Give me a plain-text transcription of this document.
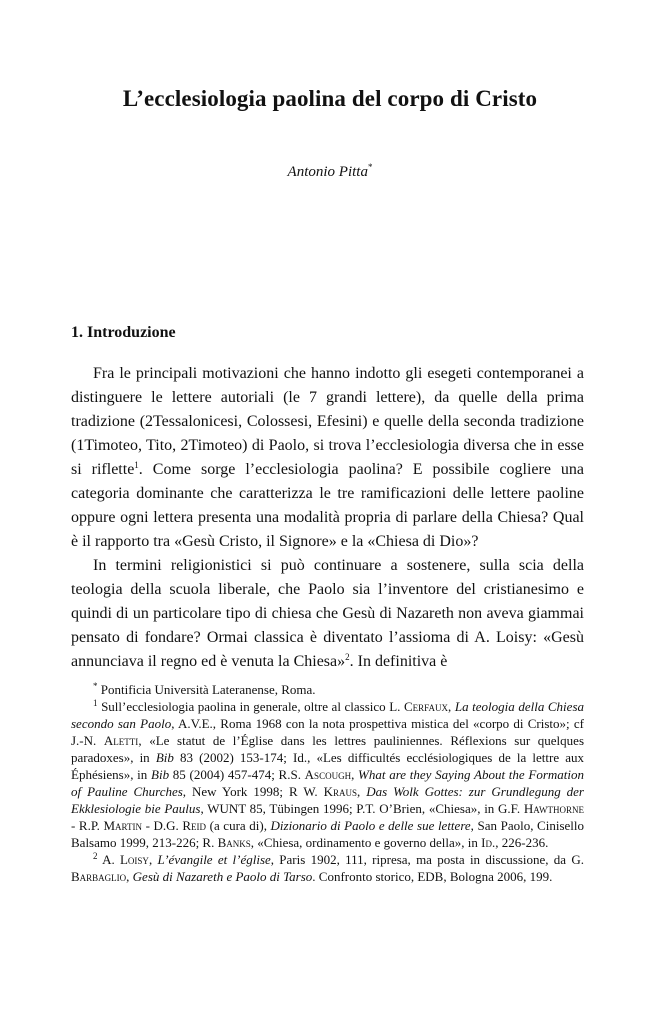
L’ecclesiologia paolina del corpo di Cristo
Antonio Pitta*
1. Introduzione

Fra le principali motivazioni che hanno indotto gli esegeti contemporanei a distinguere le lettere autoriali (le 7 grandi lettere), da quelle della prima tradizione (2Tessalonicesi, Colossesi, Efesini) e quelle della seconda tradizione (1Timoteo, Tito, 2Timoteo) di Paolo, si trova l’ecclesiologia diversa che in esse si riflette$^1$. Come sorge l’ecclesiologia paolina? E possibile cogliere una categoria dominante che caratterizza le tre ramificazioni delle lettere paoline oppure ogni lettera presenta una modalità propria di parlare della Chiesa? Qual è il rapporto tra «Gesù Cristo, il Signore» e la «Chiesa di Dio»?

In termini religionistici si può continuare a sostenere, sulla scia della teologia della scuola liberale, che Paolo sia l’inventore del cristianesimo e quindi di un particolare tipo di chiesa che Gesù di Nazareth non aveva giammai pensato di fondare? Ormai classica è diventato l’assioma di A. Loisy: «Gesù annunciava il regno ed è venuta la Chiesa»$^2$. In definitiva è

* Pontificia Università Lateranense, Roma.

$^1$ Sull’ecclesiologia paolina in generale, oltre al classico L. Cerfaux, La teologia della Chiesa secondo san Paolo, A.V.E., Roma 1968 con la nota prospettiva mistica del «corpo di Cristo»; cf J.-N. Aletti, «Le statut de l’Église dans les lettres pauliniennes. Réflexions sur quelques paradoxes», in Bib 83 (2002) 153-174; Id., «Les difficultés ecclésiologiques de la lettre aux Éphésiens», in Bib 85 (2004) 457-474; R.S. Ascough, What are they Saying About the Formation of Pauline Churches, New York 1998; R W. Kraus, Das Wolk Gottes: zur Grundlegung der Ekklesiologie bie Paulus, WUNT 85, Tübingen 1996; P.T. O’Brien, «Chiesa», in G.F. Hawthorne - R.P. Martin - D.G. Reid (a cura di), Dizionario di Paolo e delle sue lettere, San Paolo, Cinisello Balsamo 1999, 213-226; R. Banks, «Chiesa, ordinamento e governo della», in Id., 226-236.

$^2$ A. Loisy, L’évangile et l’église, Paris 1902, 111, ripresa, ma posta in discussione, da G. Barbaglio, Gesù di Nazareth e Paolo di Tarso. Confronto storico, EDB, Bologna 2006, 199.
